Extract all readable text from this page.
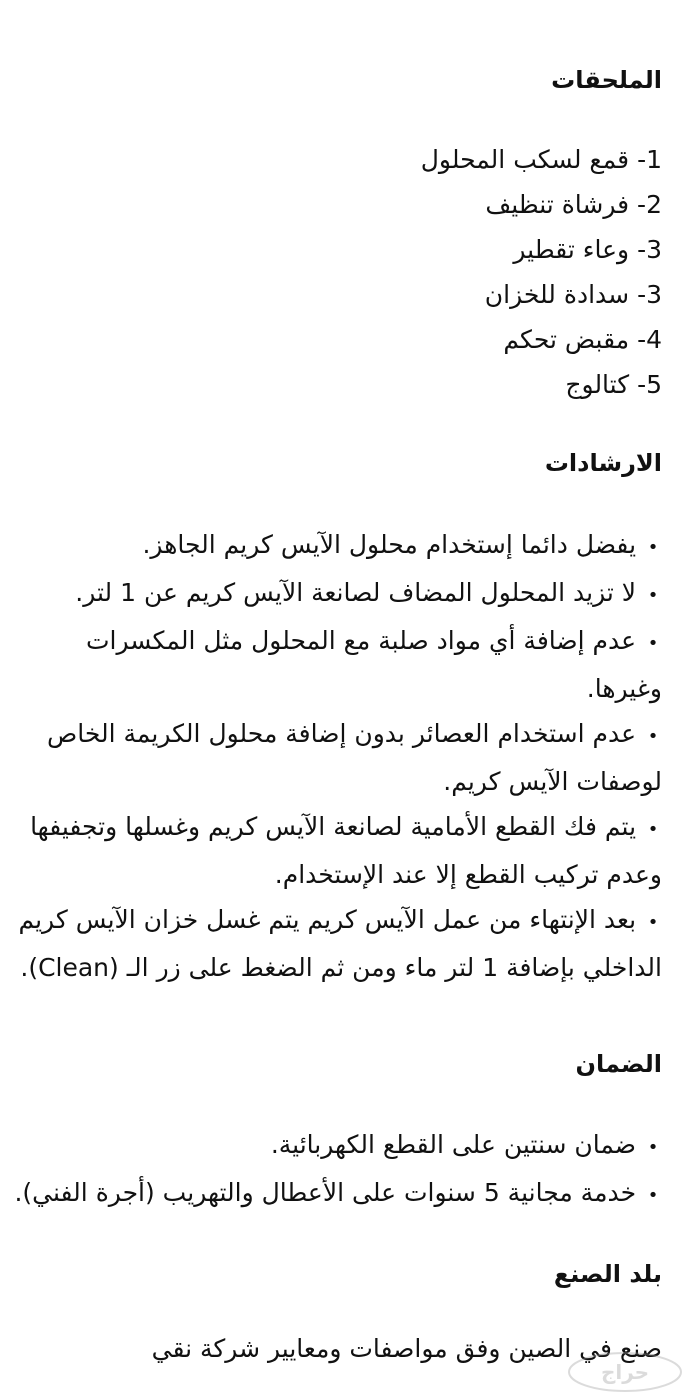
الملحقات
1- قمع لسكب المحلول
2- فرشاة تنظيف
3- وعاء تقطير
3- سدادة للخزان
4- مقبض تحكم
5- كتالوج
الارشادات
• يفضل دائما إستخدام محلول الآيس كريم الجاهز.
• لا تزيد المحلول المضاف لصانعة الآيس كريم عن 1 لتر.
• عدم إضافة أي مواد صلبة مع المحلول مثل المكسرات وغيرها.
• عدم استخدام العصائر بدون إضافة محلول الكريمة الخاص لوصفات الآيس كريم.
• يتم فك القطع الأمامية لصانعة الآيس كريم وغسلها وتجفيفها وعدم تركيب القطع إلا عند الإستخدام.
• بعد الإنتهاء من عمل الآيس كريم يتم غسل خزان الآيس كريم الداخلي بإضافة 1 لتر ماء ومن ثم الضغط على زر الـ (Clean).
الضمان
• ضمان سنتين على القطع الكهربائية.
• خدمة مجانية 5 سنوات على الأعطال والتهريب (أجرة الفني).
بلد الصنع

صنع في الصين وفق مواصفات ومعايير شركة نقي

حراج
